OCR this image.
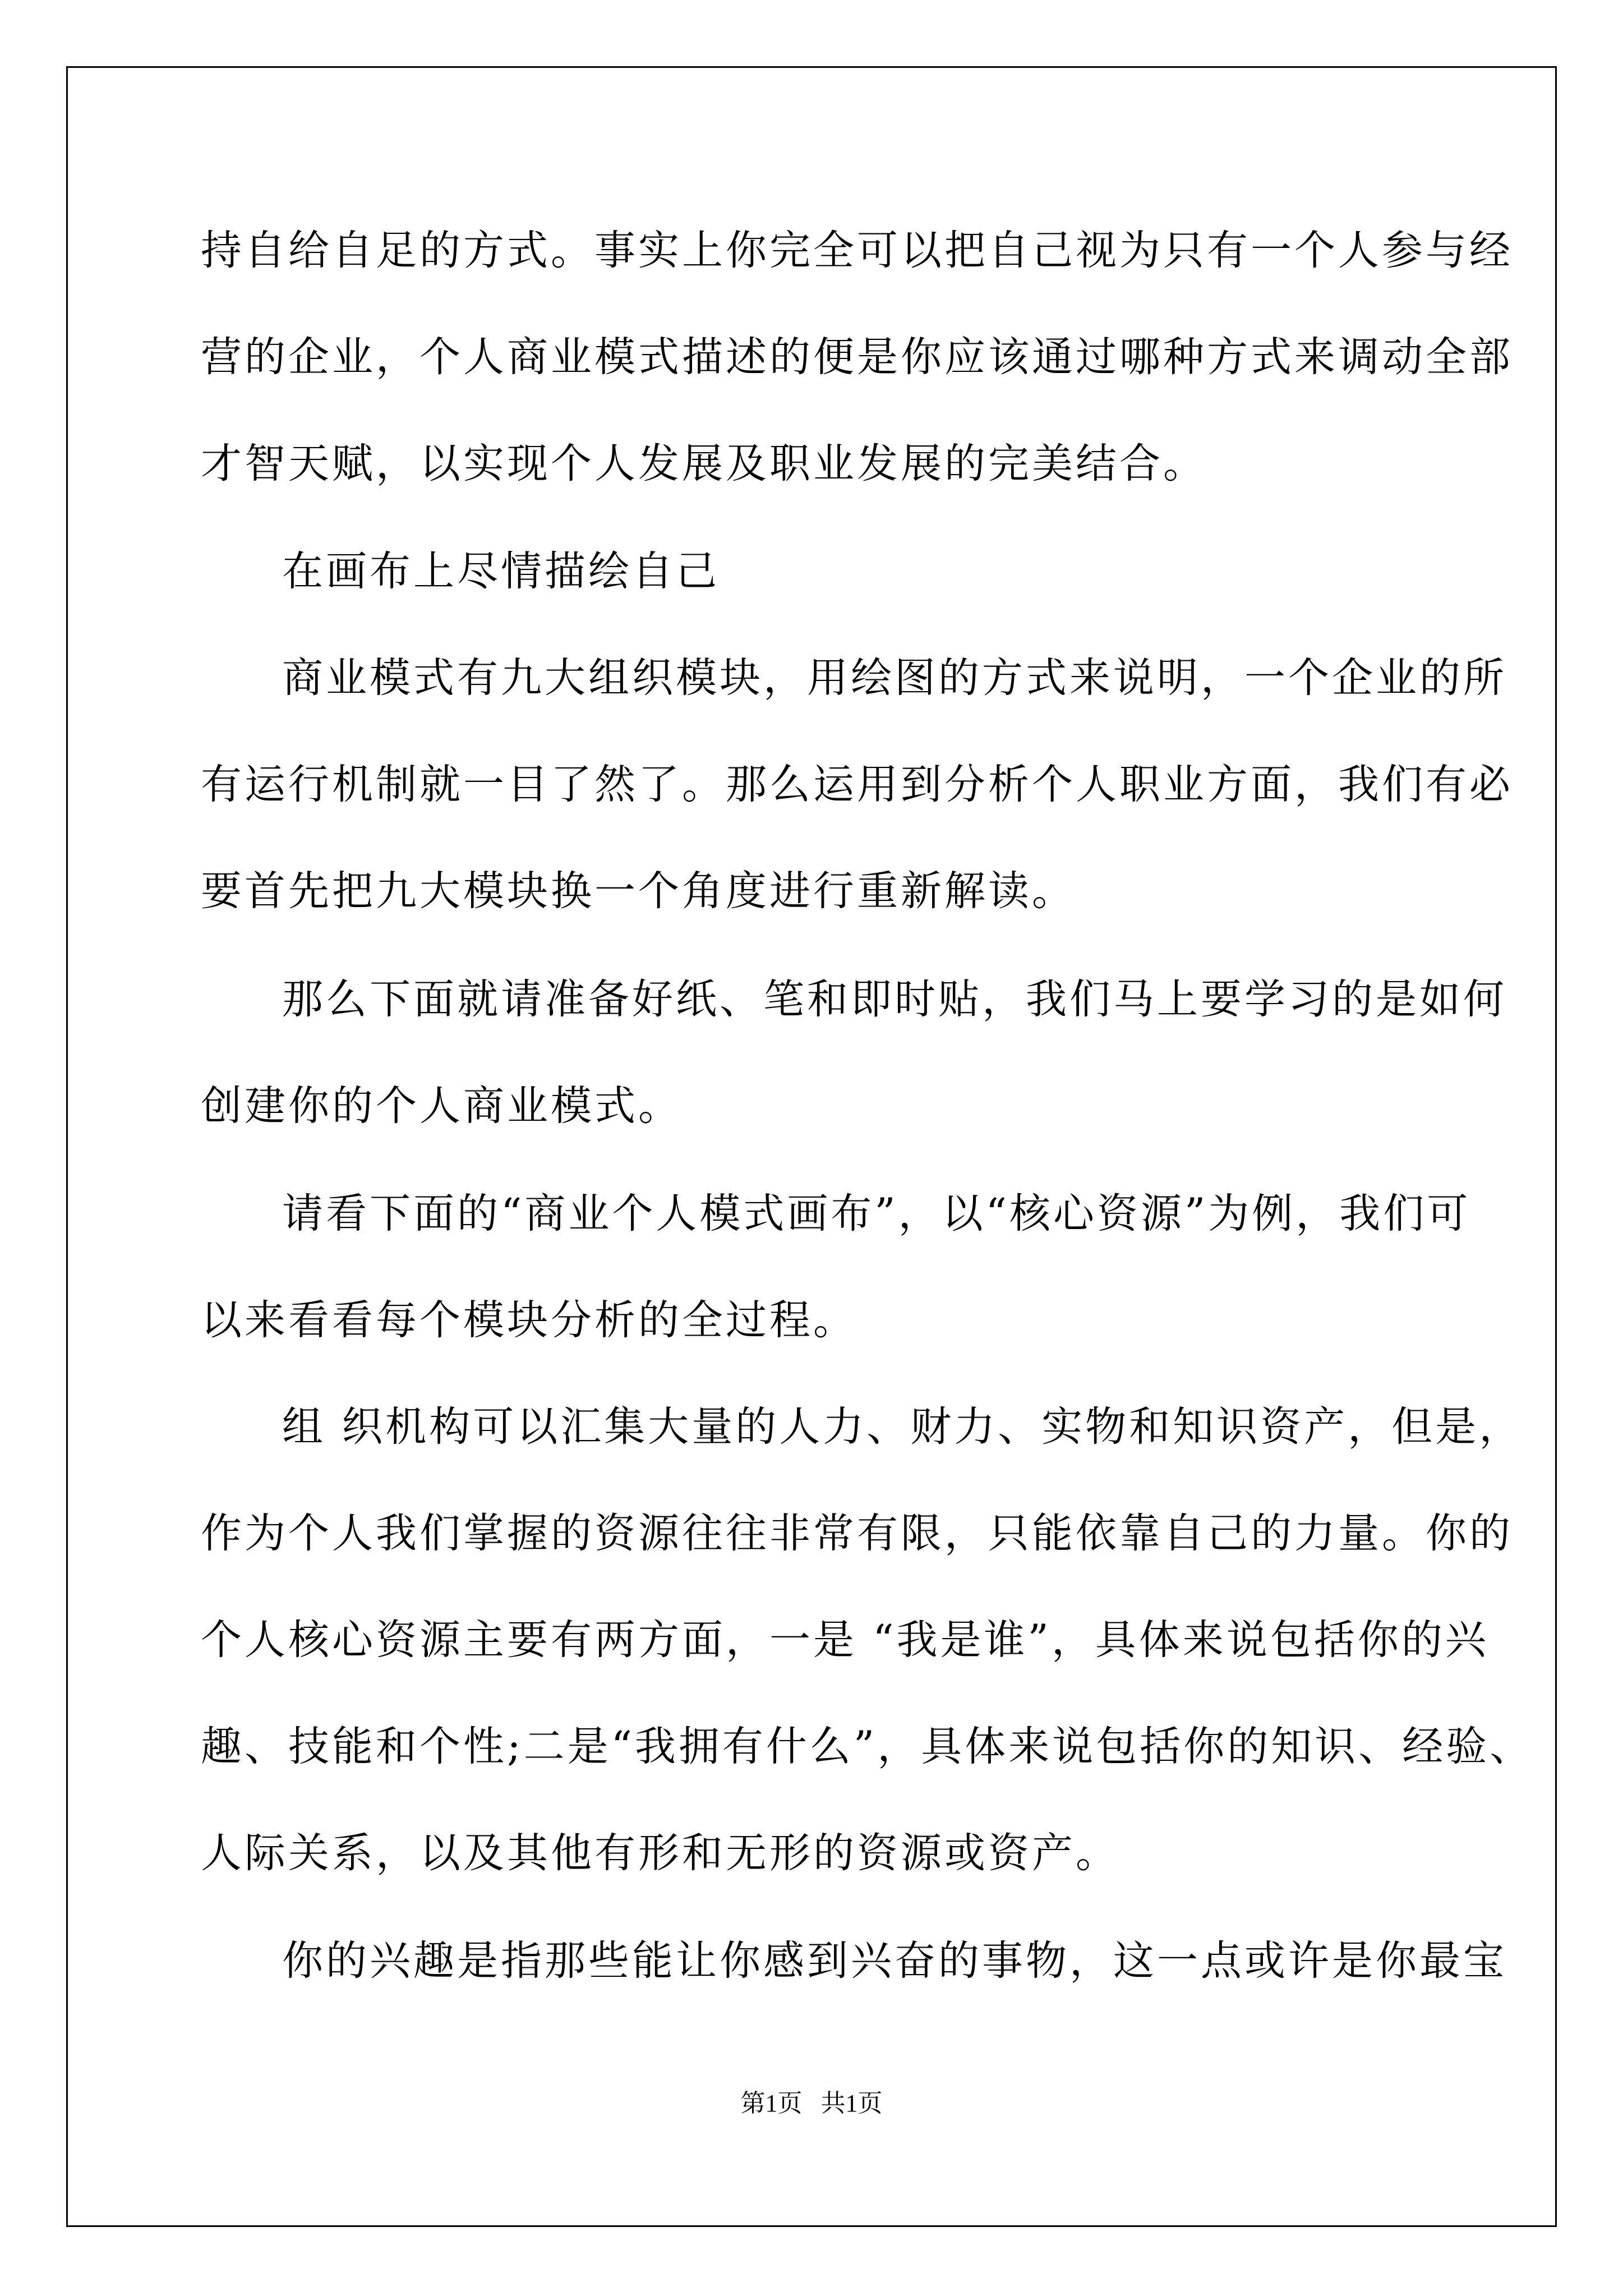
持自给自足的方式。事实上你完全可以把自己视为只有一个人参与经
营的企业，个人商业模式描述的便是你应该通过哪种方式来调动全部
才智天赋，以实现个人发展及职业发展的完美结合。
在画布上尽情描绘自己
商业模式有九大组织模块，用绘图的方式来说明，一个企业的所
有运行机制就一目了然了。那么运用到分析个人职业方面，我们有必
要首先把九大模块换一个角度进行重新解读。
那么下面就请准备好纸、笔和即时贴，我们马上要学习的是如何
创建你的个人商业模式。
请看下面的“商业个人模式画布”，以“核心资源”为例，我们可
以来看看每个模块分析的全过程。
组 织机构可以汇集大量的人力、财力、实物和知识资产，但是，
作为个人我们掌握的资源往往非常有限，只能依靠自己的力量。你的
个人核心资源主要有两方面，一是 “我是谁”，具体来说包括你的兴
趣、技能和个性;二是“我拥有什么”，具体来说包括你的知识、经验、
人际关系，以及其他有形和无形的资源或资产。
你的兴趣是指那些能让你感到兴奋的事物，这一点或许是你最宝
第1页   共1页
